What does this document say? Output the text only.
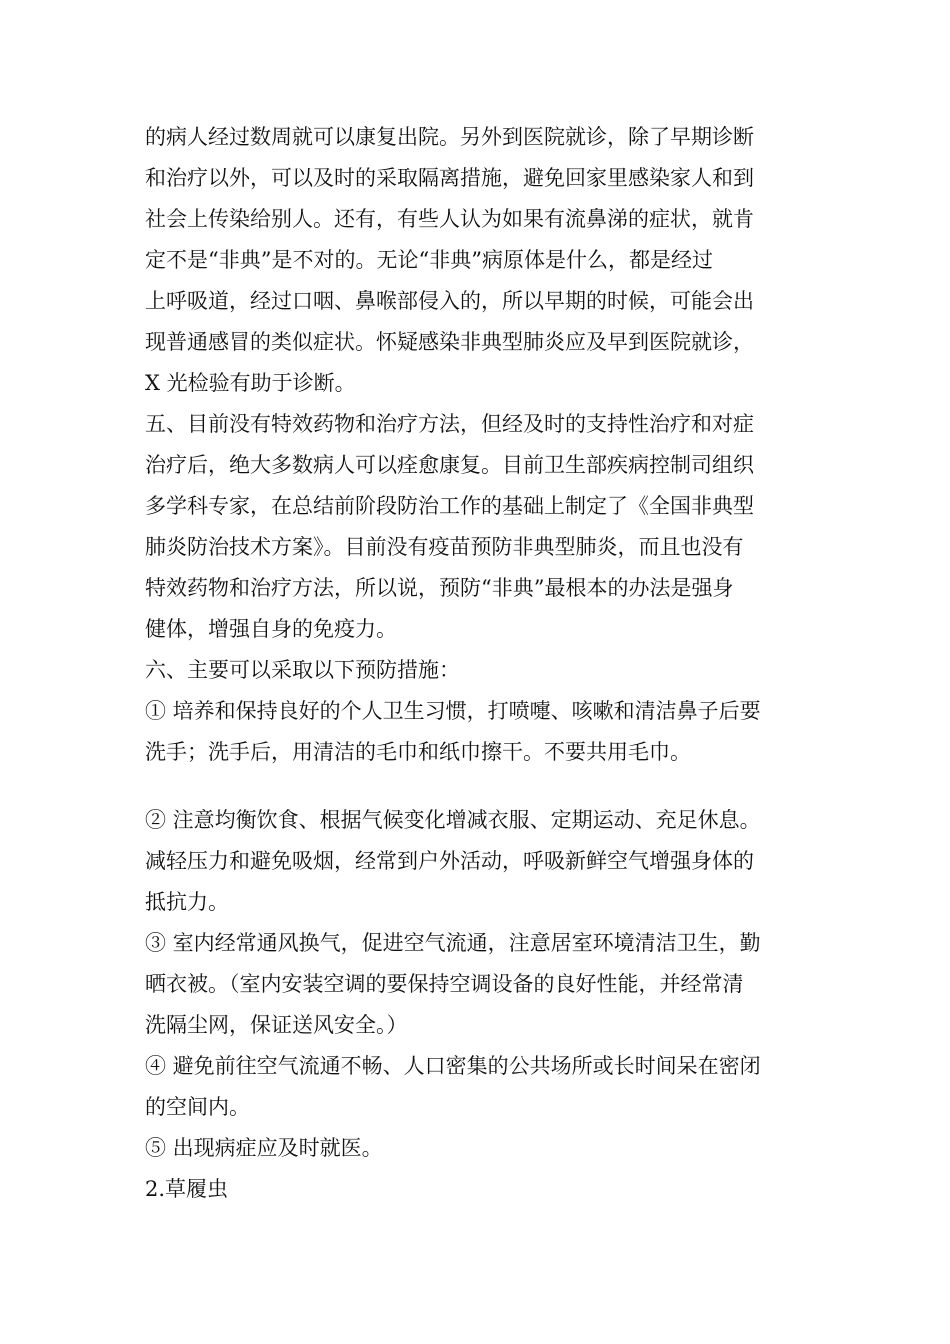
的病人经过数周就可以康复出院。另外到医院就诊，除了早期诊断
和治疗以外，可以及时的采取隔离措施，避免回家里感染家人和到
社会上传染给别人。还有，有些人认为如果有流鼻涕的症状，就肯
定不是“非典”是不对的。无论“非典”病原体是什么，都是经过
上呼吸道，经过口咽、鼻喉部侵入的，所以早期的时候，可能会出
现普通感冒的类似症状。怀疑感染非典型肺炎应及早到医院就诊，
X 光检验有助于诊断。
五、目前没有特效药物和治疗方法，但经及时的支持性治疗和对症
治疗后，绝大多数病人可以痊愈康复。目前卫生部疾病控制司组织
多学科专家，在总结前阶段防治工作的基础上制定了《全国非典型
肺炎防治技术方案》。目前没有疫苗预防非典型肺炎，而且也没有
特效药物和治疗方法，所以说，预防“非典”最根本的办法是强身
健体，增强自身的免疫力。
六、主要可以采取以下预防措施：
① 培养和保持良好的个人卫生习惯，打喷嚏、咳嗽和清洁鼻子后要
洗手；洗手后，用清洁的毛巾和纸巾擦干。不要共用毛巾。
② 注意均衡饮食、根据气候变化增减衣服、定期运动、充足休息。
减轻压力和避免吸烟，经常到户外活动，呼吸新鲜空气增强身体的
抵抗力。
③ 室内经常通风换气，促进空气流通，注意居室环境清洁卫生，勤
晒衣被。（室内安装空调的要保持空调设备的良好性能，并经常清
洗隔尘网，保证送风安全。）
④ 避免前往空气流通不畅、人口密集的公共场所或长时间呆在密闭
的空间内。
⑤ 出现病症应及时就医。
2.草履虫
